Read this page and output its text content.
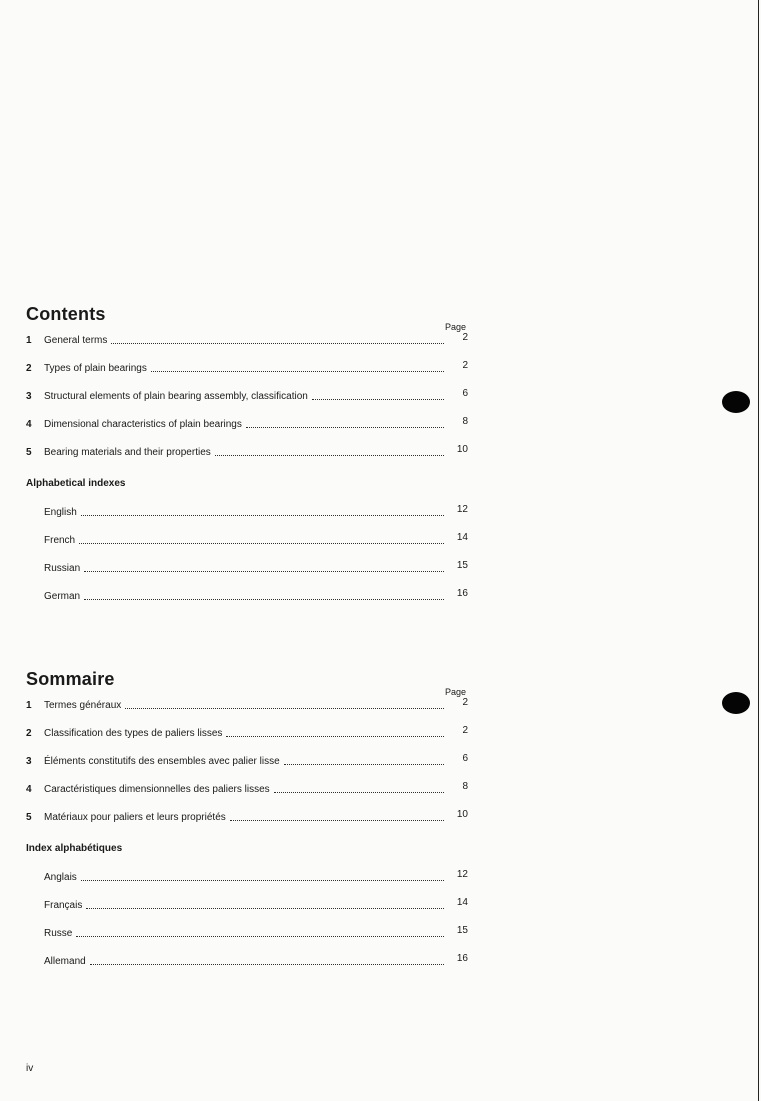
Contents
Page
1	General terms	2
2	Types of plain bearings	2
3	Structural elements of plain bearing assembly, classification	6
4	Dimensional characteristics of plain bearings	8
5	Bearing materials and their properties	10
Alphabetical indexes
English	12
French	14
Russian	15
German	16
Sommaire
Page
1	Termes généraux	2
2	Classification des types de paliers lisses	2
3	Éléments constitutifs des ensembles avec palier lisse	6
4	Caractéristiques dimensionnelles des paliers lisses	8
5	Matériaux pour paliers et leurs propriétés	10
Index alphabétiques
Anglais	12
Français	14
Russe	15
Allemand	16
iv
